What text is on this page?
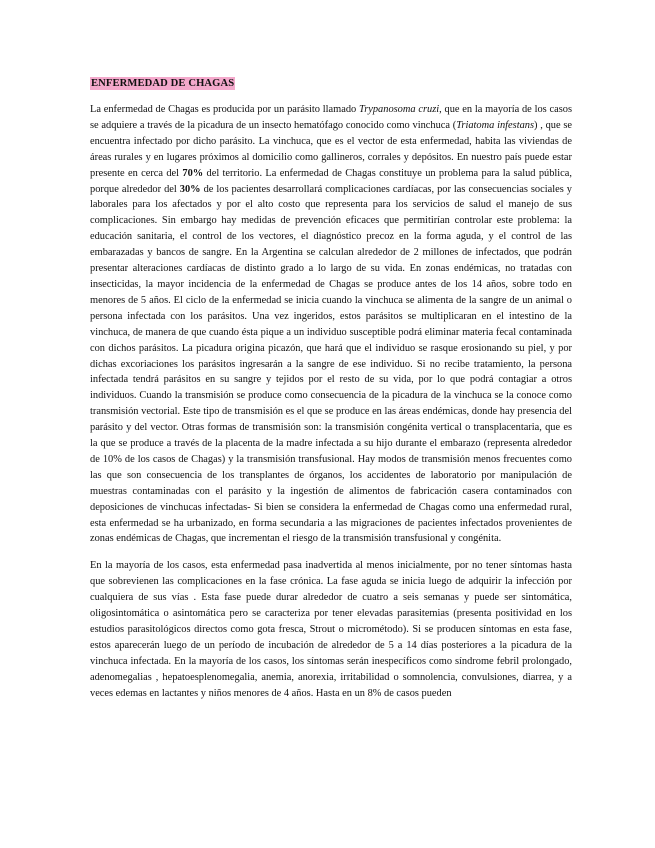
ENFERMEDAD DE CHAGAS

La enfermedad de Chagas es producida por un parásito llamado Trypanosoma cruzi, que en la mayoría de los casos se adquiere a través de la picadura de un insecto hematófago conocido como vinchuca (Triatoma infestans) , que se encuentra infectado por dicho parásito. La vinchuca, que es el vector de esta enfermedad, habita las viviendas de áreas rurales y en lugares próximos al domicilio como gallineros, corrales y depósitos. En nuestro país puede estar presente en cerca del 70% del territorio. La enfermedad de Chagas constituye un problema para la salud pública, porque alrededor del 30% de los pacientes desarrollará complicaciones cardíacas, por las consecuencias sociales y laborales para los afectados y por el alto costo que representa para los servicios de salud el manejo de sus complicaciones. Sin embargo hay medidas de prevención eficaces que permitirían controlar este problema: la educación sanitaria, el control de los vectores, el diagnóstico precoz en la forma aguda, y el control de las embarazadas y bancos de sangre. En la Argentina se calculan alrededor de 2 millones de infectados, que podrán presentar alteraciones cardíacas de distinto grado a lo largo de su vida. En zonas endémicas, no tratadas con insecticidas, la mayor incidencia de la enfermedad de Chagas se produce antes de los 14 años, sobre todo en menores de 5 años. El ciclo de la enfermedad se inicia cuando la vinchuca se alimenta de la sangre de un animal o persona infectada con los parásitos. Una vez ingeridos, estos parásitos se multiplicaran en el intestino de la vinchuca, de manera de que cuando ésta pique a un individuo susceptible podrá eliminar materia fecal contaminada con dichos parásitos. La picadura origina picazón, que hará que el individuo se rasque erosionando su piel, y por dichas excoriaciones los parásitos ingresarán a la sangre de ese individuo. Si no recibe tratamiento, la persona infectada tendrá parásitos en su sangre y tejidos por el resto de su vida, por lo que podrá contagiar a otros individuos. Cuando la transmisión se produce como consecuencia de la picadura de la vinchuca se la conoce como transmisión vectorial. Este tipo de transmisión es el que se produce en las áreas endémicas, donde hay presencia del parásito y del vector. Otras formas de transmisión son: la transmisión congénita vertical o transplacentaria, que es la que se produce a través de la placenta de la madre infectada a su hijo durante el embarazo (representa alrededor de 10% de los casos de Chagas) y la transmisión transfusional. Hay modos de transmisión menos frecuentes como las que son consecuencia de los transplantes de órganos, los accidentes de laboratorio por manipulación de muestras contaminadas con el parásito y la ingestión de alimentos de fabricación casera contaminados con deposiciones de vinchucas infectadas- Si bien se considera la enfermedad de Chagas como una enfermedad rural, esta enfermedad se ha urbanizado, en forma secundaria a las migraciones de pacientes infectados provenientes de zonas endémicas de Chagas, que incrementan el riesgo de la transmisión transfusional y congénita.

En la mayoría de los casos, esta enfermedad pasa inadvertida al menos inicialmente, por no tener síntomas hasta que sobrevienen las complicaciones en la fase crónica. La fase aguda se inicia luego de adquirir la infección por cualquiera de sus vías . Esta fase puede durar alrededor de cuatro a seis semanas y puede ser sintomática, oligosintomática o asintomática pero se caracteriza por tener elevadas parasitemias (presenta positividad en los estudios parasitológicos directos como gota fresca, Strout o micrométodo). Si se producen síntomas en esta fase, estos aparecerán luego de un período de incubación de alrededor de 5 a 14 días posteriores a la picadura de la vinchuca infectada. En la mayoría de los casos, los síntomas serán inespecíficos como síndrome febril prolongado, adenomegalias , hepatoesplenomegalia, anemia, anorexia, irritabilidad o somnolencia, convulsiones, diarrea, y a veces edemas en lactantes y niños menores de 4 años. Hasta en un 8% de casos pueden
